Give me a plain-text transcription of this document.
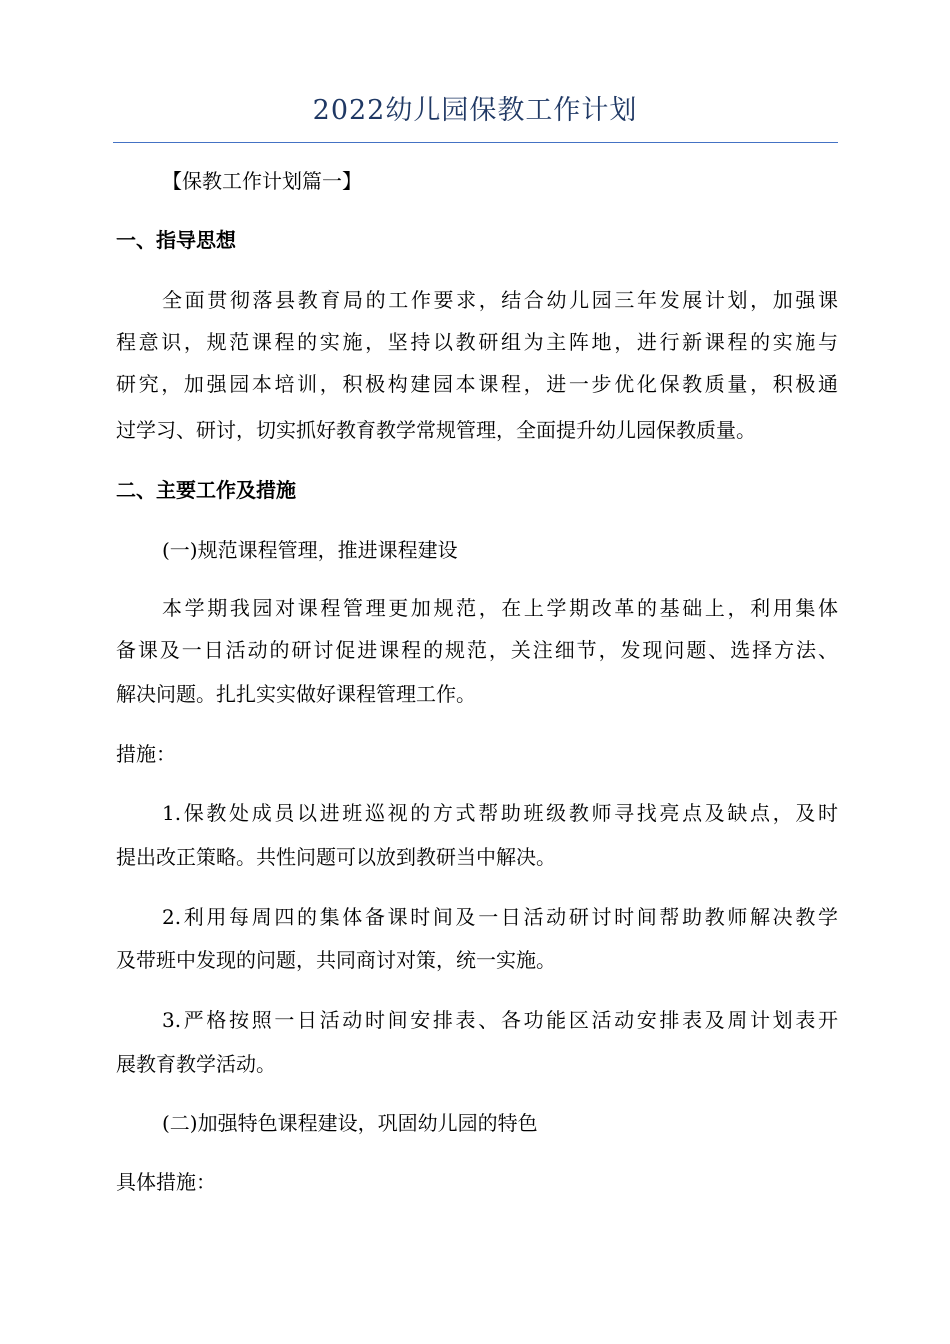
2022幼儿园保教工作计划
【保教工作计划篇一】
一、指导思想
全面贯彻落县教育局的工作要求，结合幼儿园三年发展计划，加强课
程意识，规范课程的实施，坚持以教研组为主阵地，进行新课程的实施与
研究，加强园本培训，积极构建园本课程，进一步优化保教质量，积极通
过学习、研讨，切实抓好教育教学常规管理，全面提升幼儿园保教质量。
二、主要工作及措施
(一)规范课程管理，推进课程建设
本学期我园对课程管理更加规范，在上学期改革的基础上，利用集体
备课及一日活动的研讨促进课程的规范，关注细节，发现问题、选择方法、
解决问题。扎扎实实做好课程管理工作。
措施：
1.保教处成员以进班巡视的方式帮助班级教师寻找亮点及缺点，及时
提出改正策略。共性问题可以放到教研当中解决。
2.利用每周四的集体备课时间及一日活动研讨时间帮助教师解决教学
及带班中发现的问题，共同商讨对策，统一实施。
3.严格按照一日活动时间安排表、各功能区活动安排表及周计划表开
展教育教学活动。
(二)加强特色课程建设，巩固幼儿园的特色
具体措施：
